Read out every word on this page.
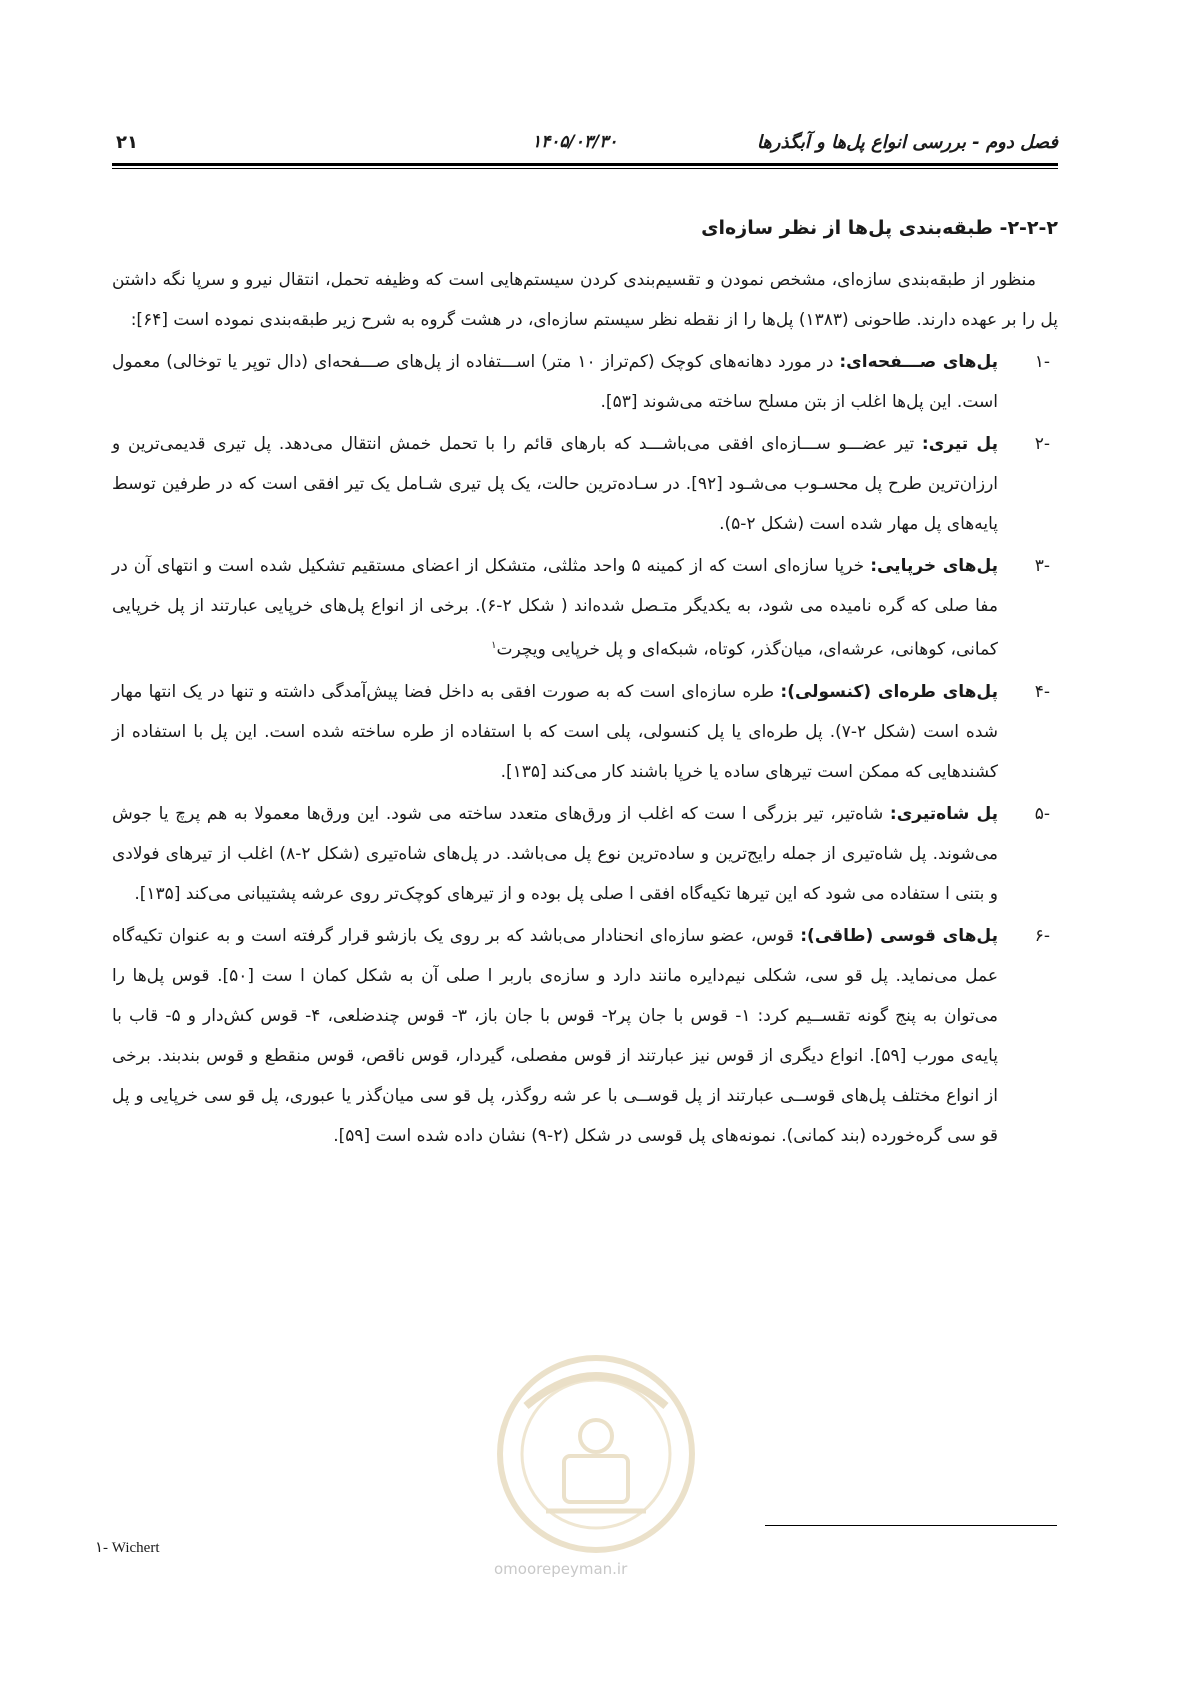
فصل دوم - بررسی انواع پل‌ها و آبگذرها
۱۴۰۵/۰۳/۳۰
۲۱
۲-۲-۲- طبقه‌بندی پل‌ها از نظر سازه‌ای

منظور از طبقه‌بندی سازه‌ای، مشخص نمودن و تقسیم‌بندی کردن سیستم‌هایی است که وظیفه تحمل، انتقال نیرو و سرپا نگه داشتن پل را بر عهده دارند. طاحونی (۱۳۸۳) پل‌ها را از نقطه نظر سیستم سازه‌ای، در هشت گروه به شرح زیر طبقه‌بندی نموده است [۶۴]:

-۱
پل‌های صـــفحه‌ای: در مورد دهانه‌های کوچک (کم‌تراز ۱۰ متر) اســـتفاده از پل‌های صـــفحه‌ای (دال توپر یا توخالی) معمول است. این پل‌ها اغلب از بتن مسلح ساخته می‌شوند [۵۳].
-۲
پل تیری: تیر عضـــو ســـازه‌ای افقی می‌باشـــد که بارهای قائم را با تحمل خمش انتقال می‌دهد. پل تیری قدیمی‌ترین و ارزان‌ترین طرح پل محسـوب می‌شـود [۹۲]. در سـاده‌ترین حالت، یک پل تیری شـامل یک تیر افقی است که در طرفین توسط پایه‌های پل مهار شده است (شکل ۲-۵).
-۳
پل‌های خرپایی: خرپا سازه‌ای است که از کمینه ۵ واحد مثلثی، متشکل از اعضای مستقیم تشکیل شده است و انتهای آن در مفا صلی که گره نامیده می شود، به یکدیگر متـصل شده‌اند ( شکل ۲-۶). برخی از انواع پل‌های خرپایی عبارتند از پل خرپایی کمانی، کوهانی، عرشه‌ای، میان‌گذر، کوتاه، شبکه‌ای و پل خرپایی ویچرت$^۱$
-۴
پل‌های طره‌ای (کنسولی): طره سازه‌ای است که به صورت افقی به داخل فضا پیش‌آمدگی داشته و تنها در یک انتها مهار شده است (شکل ۲-۷). پل طره‌ای یا پل کنسولی، پلی است که با استفاده از طره ساخته شده است. این پل با استفاده از کشندهایی که ممکن است تیرهای ساده یا خرپا باشند کار می‌کند [۱۳۵].
-۵
پل شاه‌تیری: شاه‌تیر، تیر بزرگی ا ست که اغلب از ورق‌های متعدد ساخته می شود. این ورق‌ها معمولا به هم پرچ یا جوش می‌شوند. پل شاه‌تیری از جمله رایج‌ترین و ساده‌ترین نوع پل می‌باشد. در پل‌های شاه‌تیری (شکل ۲-۸) اغلب از تیرهای فولادی و بتنی ا ستفاده می شود که این تیرها تکیه‌گاه افقی ا صلی پل بوده و از تیرهای کوچک‌تر روی عرشه پشتیبانی می‌کند [۱۳۵].
-۶
پل‌های قوسی (طاقی): قوس، عضو سازه‌ای انحنادار می‌باشد که بر روی یک بازشو قرار گرفته است و به عنوان تکیه‌گاه عمل می‌نماید. پل قو سی، شکلی نیم‌دایره مانند دارد و سازه‌ی باربر ا صلی آن به شکل کمان ا ست [۵۰]. قوس پل‌ها را می‌توان به پنج گونه تقســیم کرد: ۱- قوس با جان پر۲- قوس با جان باز، ۳- قوس چندضلعی، ۴- قوس کش‌دار و ۵- قاب با پایه‌ی مورب [۵۹]. انواع دیگری از قوس نیز عبارتند از قوس مفصلی، گیردار، قوس ناقص، قوس منقطع و قوس بندبند. برخی از انواع مختلف پل‌های قوســی عبارتند از پل قوســی با عر شه روگذر، پل قو سی میان‌گذر یا عبوری، پل قو سی خرپایی و پل قو سی گره‌خورده (بند کمانی). نمونه‌های پل قوسی در شکل (۲-۹) نشان داده شده است [۵۹].
omoorepeyman.ir
۱- Wichert
